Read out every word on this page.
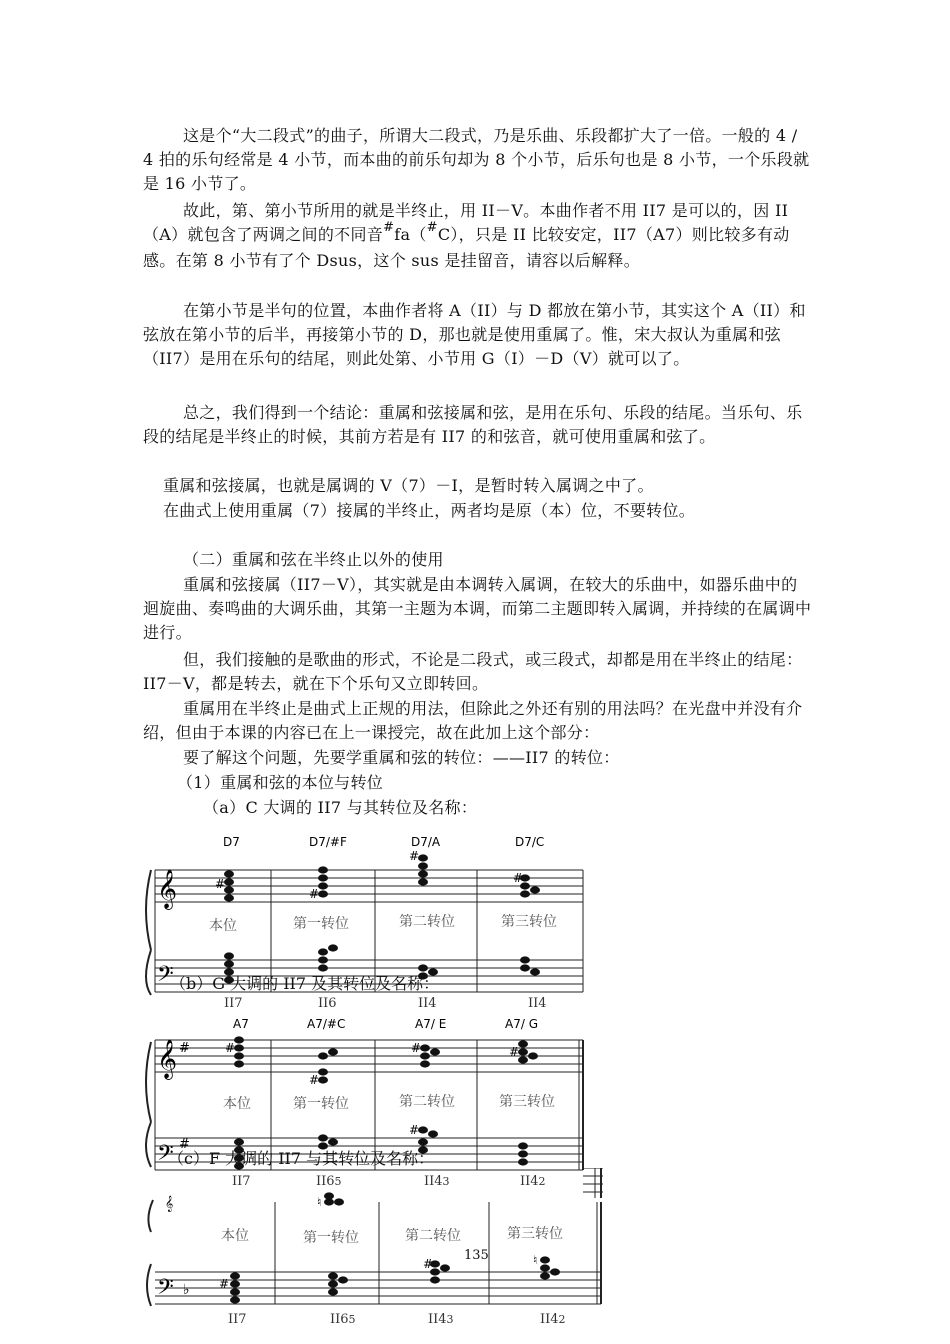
这是个“大二段式”的曲子，所谓大二段式，乃是乐曲、乐段都扩大了一倍。一般的 4 / 4 拍的乐句经常是 4 小节，而本曲的前乐句却为 8 个小节，后乐句也是 8 小节，一个乐段就是 16 小节了。

故此，第、第小节所用的就是半终止，用 II－V。本曲作者不用 II7 是可以的，因 II（A）就包含了两调之间的不同音#fa（#C），只是 II 比较安定，II7（A7）则比较多有动感。在第 8 小节有了个 Dsus，这个 sus 是挂留音，请容以后解释。

在第小节是半句的位置，本曲作者将 A（II）与 D 都放在第小节，其实这个 A（II）和弦放在第小节的后半，再接第小节的 D，那也就是使用重属了。惟，宋大叔认为重属和弦（II7）是用在乐句的结尾，则此处第、小节用 G（I）－D（V）就可以了。

总之，我们得到一个结论：重属和弦接属和弦，是用在乐句、乐段的结尾。当乐句、乐段的结尾是半终止的时候，其前方若是有 II7 的和弦音，就可使用重属和弦了。

重属和弦接属，也就是属调的 V（7）－I，是暂时转入属调之中了。

在曲式上使用重属（7）接属的半终止，两者均是原（本）位，不要转位。

（二）重属和弦在半终止以外的使用

重属和弦接属（II7－V），其实就是由本调转入属调，在较大的乐曲中，如器乐曲中的迴旋曲、奏鸣曲的大调乐曲，其第一主题为本调，而第二主题即转入属调，并持续的在属调中进行。

但，我们接触的是歌曲的形式，不论是二段式，或三段式，却都是用在半终止的结尾：II7－V，都是转去，就在下个乐句又立即转回。

重属用在半终止是曲式上正规的用法，但除此之外还有别的用法吗？在光盘中并没有介绍，但由于本课的内容已在上一课授完，故在此加上这个部分：

要了解这个问题，先要学重属和弦的转位：——II7 的转位：

（1）重属和弦的本位与转位

（a）C 大调的 II7 与其转位及名称：

𝄞
𝄢
D7	D7/#F	D7/A	D7/C
#
#
#
#
本位	第一转位	第二转位	第三转位
（b）G 大调的 II7 及其转位及名称：
II7	II6	II4	II4
𝄞 #
𝄢 #
A7	A7/#C	A7/ E	A7/ G
#
#
#
#
#
本位	第一转位	第二转位	第三转位
（c）F 大调的 II7 与其转位及名称：
II7	II65	II43	II42
𝄞
𝄢 ♭ #
♮
#	♮
本位	第一转位	第二转位	第三转位
135
II7	II65	II43	II42
